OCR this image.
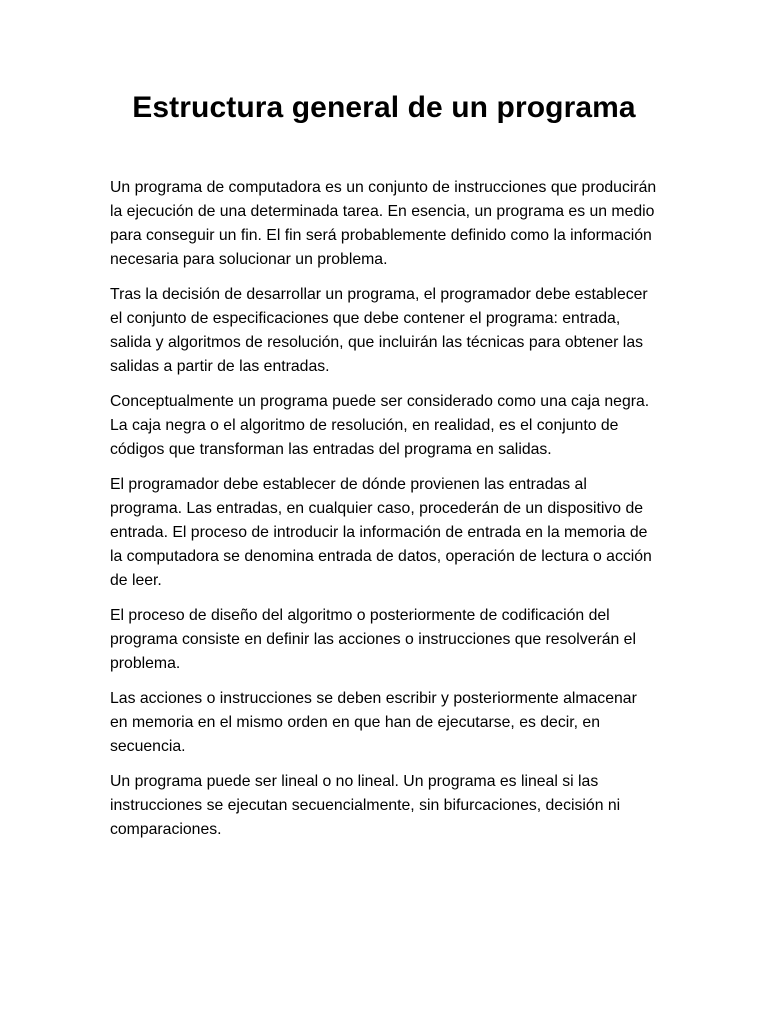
Estructura general de un programa

Un programa de computadora es un conjunto de instrucciones que producirán la ejecución de una determinada tarea. En esencia, un programa es un medio para conseguir un fin. El fin será probablemente definido como la información necesaria para solucionar un problema.

Tras la decisión de desarrollar un programa, el programador debe establecer el conjunto de especificaciones que debe contener el programa: entrada, salida y algoritmos de resolución, que incluirán las técnicas para obtener las salidas a partir de las entradas.

Conceptualmente un programa puede ser considerado como una caja negra. La caja negra o el algoritmo de resolución, en realidad, es el conjunto de códigos que transforman las entradas del programa en salidas.

El programador debe establecer de dónde provienen las entradas al programa. Las entradas, en cualquier caso, procederán de un dispositivo de entrada. El proceso de introducir la información de entrada en la memoria de la computadora se denomina entrada de datos, operación de lectura o acción de leer.

El proceso de diseño del algoritmo o posteriormente de codificación del programa consiste en definir las acciones o instrucciones que resolverán el problema.

Las acciones o instrucciones se deben escribir y posteriormente almacenar en memoria en el mismo orden en que han de ejecutarse, es decir, en secuencia.

Un programa puede ser lineal o no lineal. Un programa es lineal si las instrucciones se ejecutan secuencialmente, sin bifurcaciones, decisión ni comparaciones.
